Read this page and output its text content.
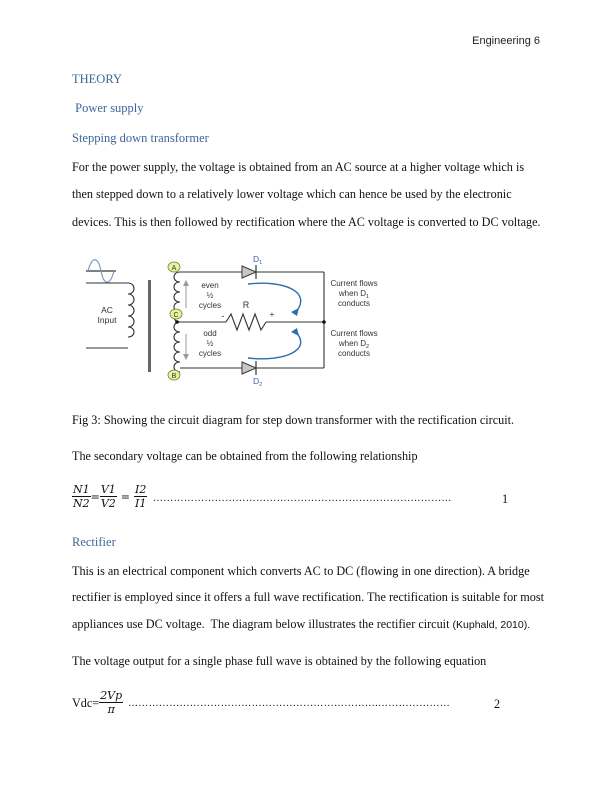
Engineering 6
THEORY
Power supply
Stepping down transformer
For the power supply, the voltage is obtained from an AC source at a higher voltage which is
then stepped down to a relatively lower voltage which can hence be used by the electronic
devices. This is then followed by rectification where the AC voltage is converted to DC voltage.
AC
Input
$D_1$
$D_2$
A
C
B
even
½
cycles
odd
½
cycles
R
-	+
Current flows
when $D_1$
conducts
Current flows
when $D_2$
conducts
Fig 3: Showing the circuit diagram for step down transformer with the rectification circuit.
The secondary voltage can be obtained from the following relationship
$\frac{N1}{N2} = \frac{V1}{V2} = \frac{I2}{I1}$ ……………………………………………………………………………	1
Rectifier
This is an electrical component which converts AC to DC (flowing in one direction). A bridge
rectifier is employed since it offers a full wave rectification. The rectification is suitable for most
appliances use DC voltage.  The diagram below illustrates the rectifier circuit (Kuphald, 2010).
The voltage output for a single phase full wave is obtained by the following equation
$Vdc= \frac{2Vp}{\pi}$ ……………………………………………………………….…………………	2
